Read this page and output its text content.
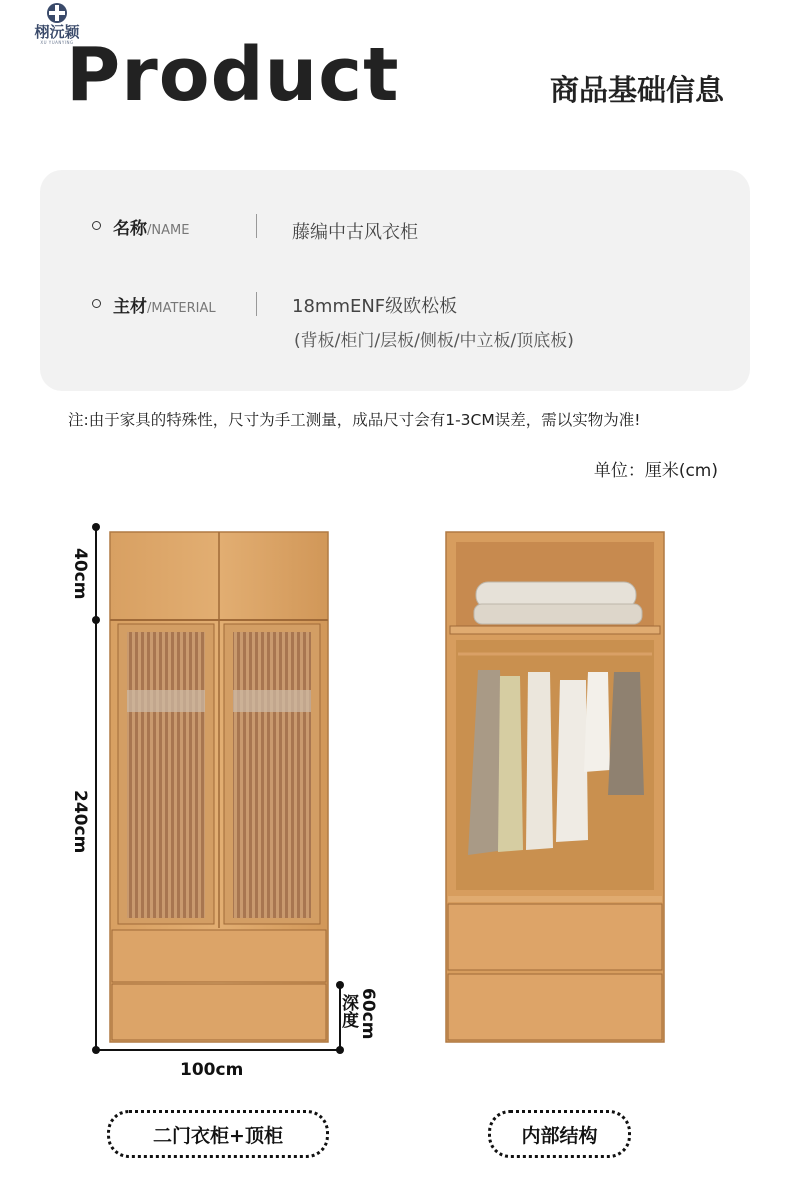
栩沅颖
XU YUANYING
Product	商品基础信息
名称/NAME	藤编中古风衣柜
主材/MATERIAL	18mmENF级欧松板
(背板/柜门/层板/侧板/中立板/顶底板)
注:由于家具的特殊性，尺寸为手工测量，成品尺寸会有1-3CM误差，需以实物为准!
单位：厘米(cm)
40cm
240cm
100cm
60cm
深度
二门衣柜+顶柜	内部结构
